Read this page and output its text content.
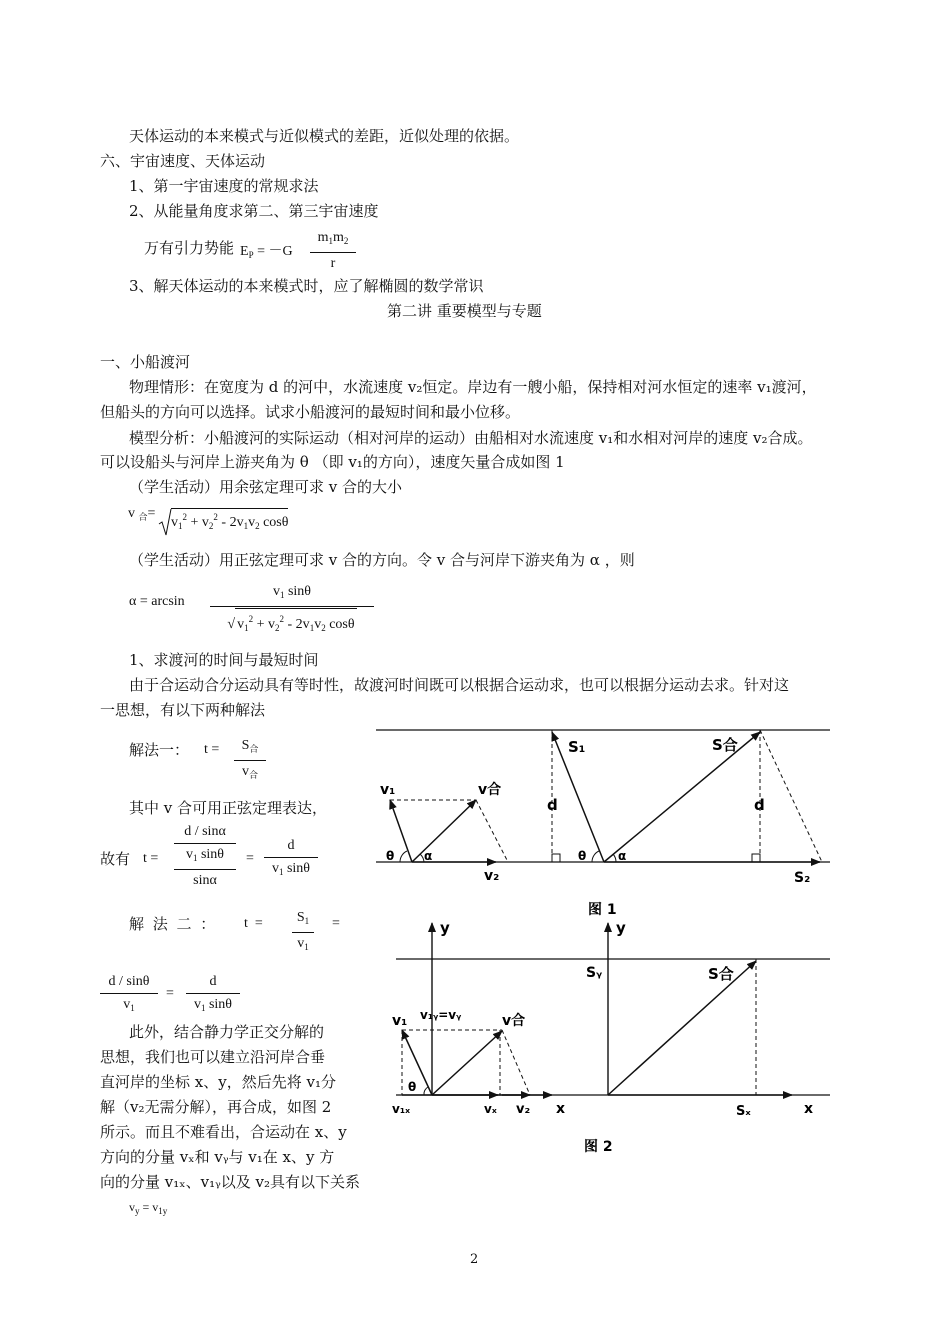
天体运动的本来模式与近似模式的差距，近似处理的依据。
六、宇宙速度、天体运动
1、第一宇宙速度的常规求法
2、从能量角度求第二、第三宇宙速度
万有引力势能 $E_P = -G$
$m_1m_2$
r
3、解天体运动的本来模式时，应了解椭圆的数学常识
第二讲 重要模型与专题
一、小船渡河
物理情形：在宽度为 d 的河中，水流速度 v₂恒定。岸边有一艘小船，保持相对河水恒定的速率 v₁渡河，
但船头的方向可以选择。试求小船渡河的最短时间和最小位移。
模型分析：小船渡河的实际运动（相对河岸的运动）由船相对水流速度 v₁和水相对河岸的速度 v₂合成。
可以设船头与河岸上游夹角为 θ （即 v₁的方向），速度矢量合成如图 1
（学生活动）用余弦定理可求 v 合的大小
v $_合$=
$v_1^2 + v_2^2 - 2v_1v_2$ cosθ
（学生活动）用正弦定理可求 v 合的方向。令 v 合与河岸下游夹角为 α ，则
α = arcsin
$v_1$ sinθ
√ $v_1^2 + v_2^2 - 2v_1v_2$ cosθ
1、求渡河的时间与最短时间
由于合运动合分运动具有等时性，故渡河时间既可以根据合运动求，也可以根据分运动去求。针对这
一思想，有以下两种解法
解法一： t =	$S_合$
$v_合$
其中 v 合可用正弦定理表达，
故有 t =
d / sinα
$v_1$ sinθ
sinα
=
d
$v_1$ sinθ
解 法 二 ： t  =	$S_1$
$v_1$
=
d / sinθ
$v_1$
=
d
$v_1$ sinθ
此外，结合静力学正交分解的
思想，我们也可以建立沿河岸合垂
直河岸的坐标 x、y，然后先将 v₁分
解（v₂无需分解），再合成，如图 2
所示。而且不难看出，合运动在 x、y
方向的分量 vₓ和 vᵧ与 v₁在 x、y 方
向的分量 v₁ₓ、v₁ᵧ以及 v₂具有以下关系
$v_y = v_{1y}$
S₁	S合
v₁	v合
d	d
θ α	θ	α
v₂	S₂
图 1
y	y
Sᵧ	S合
v₁ v₁ᵧ=vᵧ	v合
θ
v₁ₓ	vₓ v₂ x	Sₓ	x
图 2
2
